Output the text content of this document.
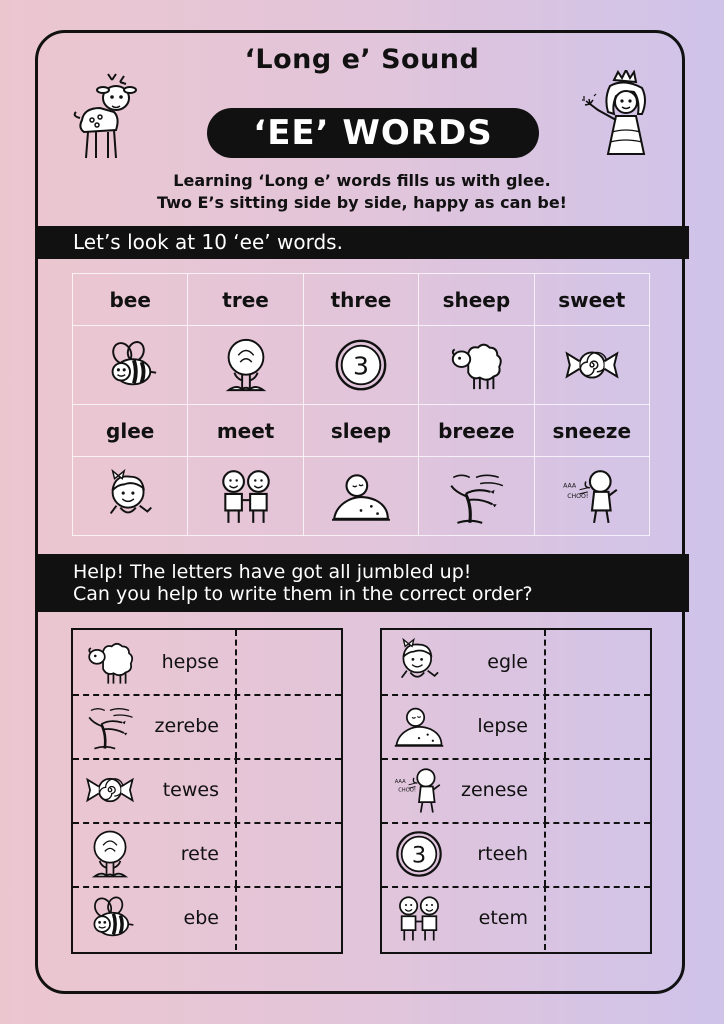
‘Long e’ Sound
‘EE’ WORDS
Learning ‘Long e’ words fills us with glee.
Two E’s sitting side by side, happy as can be!
Let’s look at 10 ‘ee’ words.
bee	tree	three	sheep	sweet

3

glee	meet	sleep	breeze	sneeze

Help! The letters have got all jumbled up!
Can you help to write them in the correct order?
hepse
zerebe
tewes
rete
ebe
egle
lepse
zenese
3	rteeh
etem
